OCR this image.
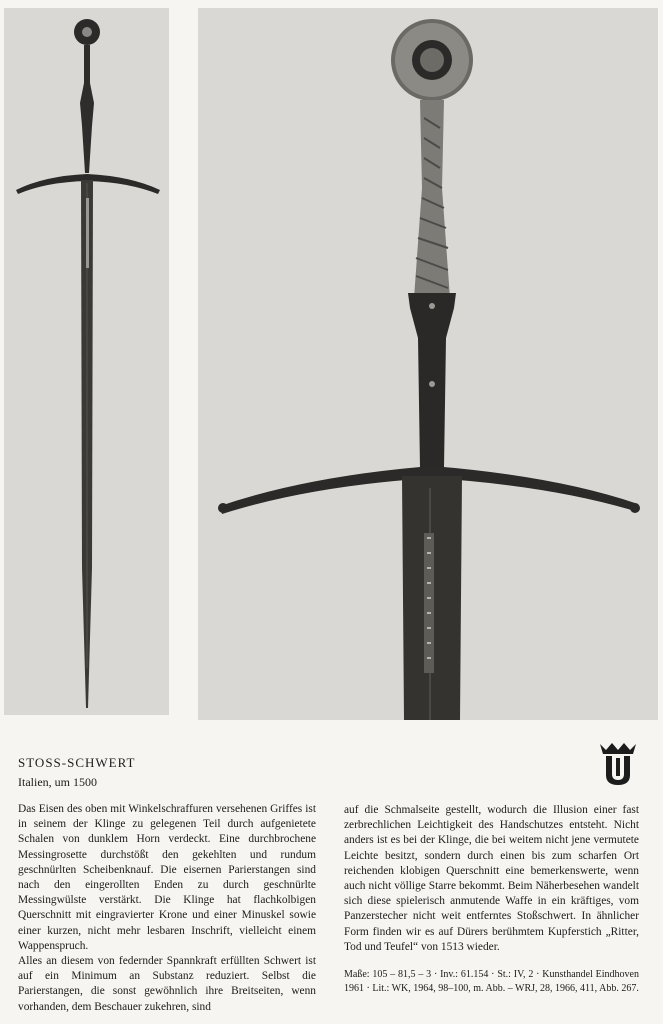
STOSS-SCHWERT

Italien, um 1500

Das Eisen des oben mit Winkelschraffuren versehenen Griffes ist in seinem der Klinge zu gelegenen Teil durch aufgenietete Schalen von dunklem Horn verdeckt. Eine durchbrochene Messingrosette durchstößt den gekehlten und rundum geschnürlten Scheibenknauf. Die eisernen Parierstangen sind nach den eingerollten Enden zu durch geschnürlte Messingwülste verstärkt. Die Klinge hat flachkolbigen Querschnitt mit eingravierter Krone und einer Minuskel sowie einer kurzen, nicht mehr lesbaren Inschrift, vielleicht einem Wappenspruch.

Alles an diesem von federnder Spannkraft erfüllten Schwert ist auf ein Minimum an Substanz reduziert. Selbst die Parierstangen, die sonst gewöhnlich ihre Breitseiten, wenn vorhanden, dem Beschauer zukehren, sind

auf die Schmalseite gestellt, wodurch die Illusion einer fast zerbrechlichen Leichtigkeit des Handschutzes entsteht. Nicht anders ist es bei der Klinge, die bei weitem nicht jene vermutete Leichte besitzt, sondern durch einen bis zum scharfen Ort reichenden klobigen Querschnitt eine bemerkenswerte, wenn auch nicht völlige Starre bekommt. Beim Näherbesehen wandelt sich diese spielerisch anmutende Waffe in ein kräftiges, vom Panzerstecher nicht weit entferntes Stoßschwert. In ähnlicher Form finden wir es auf Dürers berühmtem Kupferstich „Ritter, Tod und Teufel“ von 1513 wieder.

Maße: 105 – 81,5 – 3 · Inv.: 61.154 · St.: IV, 2 · Kunsthandel Eindhoven 1961 · Lit.: WK, 1964, 98–100, m. Abb. – WRJ, 28, 1966, 411, Abb. 267.
